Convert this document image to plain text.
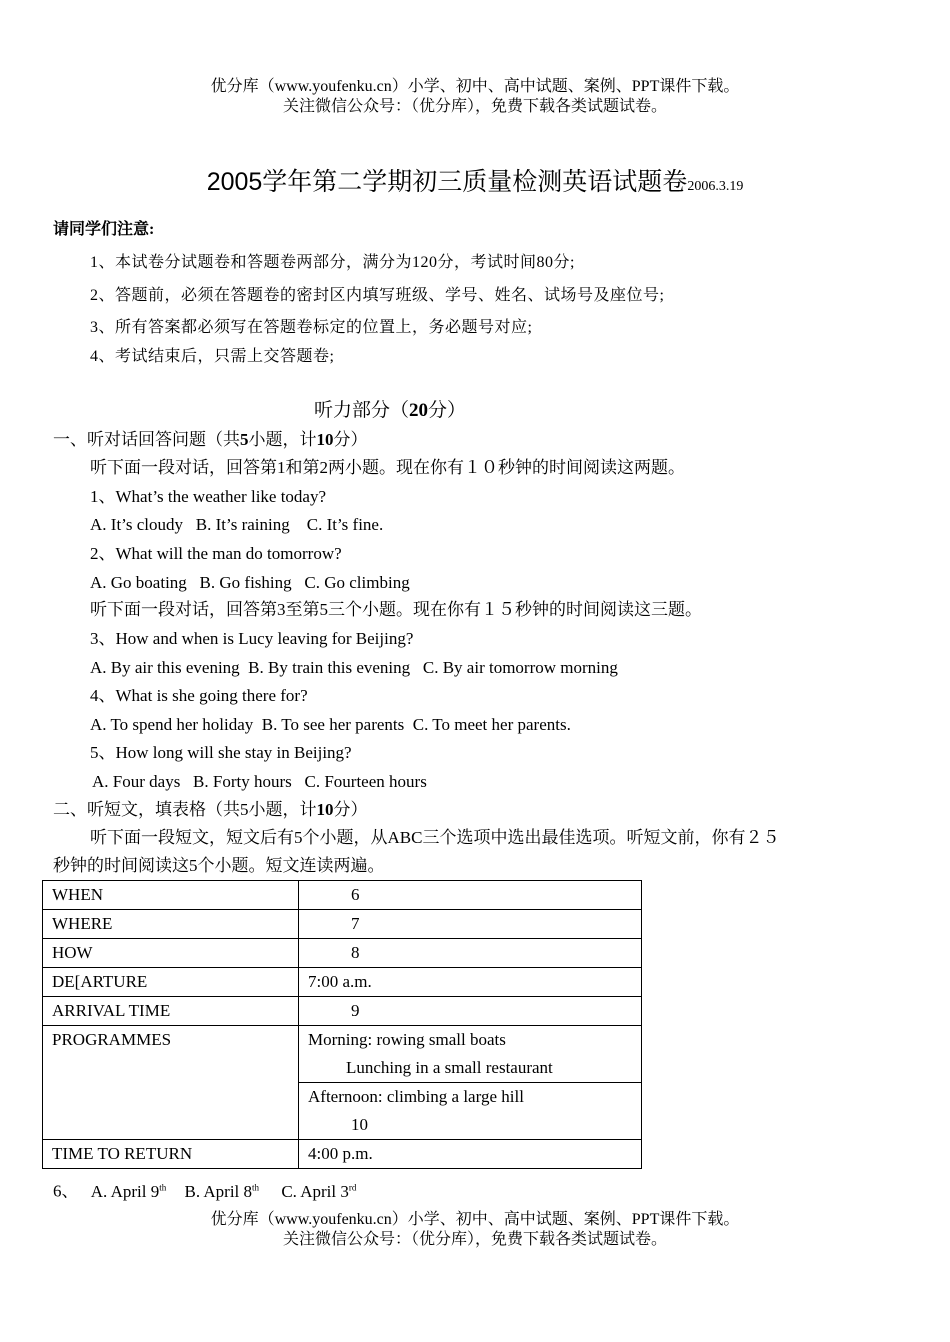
优分库（www.youfenku.cn）小学、初中、高中试题、案例、PPT课件下载。
关注微信公众号：（优分库），免费下载各类试题试卷。
2005学年第二学期初三质量检测英语试题卷2006.3.19
请同学们注意:
1、本试卷分试题卷和答题卷两部分，满分为120分，考试时间80分;
2、答题前，必须在答题卷的密封区内填写班级、学号、姓名、试场号及座位号;
3、所有答案都必须写在答题卷标定的位置上，务必题号对应;
4、考试结束后，只需上交答题卷;
听力部分（20分）
一、听对话回答问题（共5小题，计10分）
听下面一段对话，回答第1和第2两小题。现在你有１０秒钟的时间阅读这两题。
1、What’s the weather like today?
A. It’s cloudy   B. It’s raining    C. It’s fine.
2、What will the man do tomorrow?
A. Go boating   B. Go fishing   C. Go climbing
听下面一段对话，回答第3至第5三个小题。现在你有１５秒钟的时间阅读这三题。
3、How and when is Lucy leaving for Beijing?
A. By air this evening  B. By train this evening   C. By air tomorrow morning
4、What is she going there for?
A. To spend her holiday  B. To see her parents  C. To meet her parents.
5、How long will she stay in Beijing?
A. Four days   B. Forty hours   C. Fourteen hours
二、听短文，填表格（共5小题，计10分）
听下面一段短文，短文后有5个小题，从ABC三个选项中选出最佳选项。听短文前，你有２５
秒钟的时间阅读这5个小题。短文连读两遍。
WHEN	6
WHERE	7
HOW	8
DE[ARTURE	7:00 a.m.
ARRIVAL TIME	9
PROGRAMMES	Morning: rowing small boats
Lunching in a small restaurant

	Afternoon: climbing a large hill
10

TIME TO RETURN	4:00 p.m.
6、 A. April 9th B. April 8th C. April 3rd
优分库（www.youfenku.cn）小学、初中、高中试题、案例、PPT课件下载。
关注微信公众号：（优分库），免费下载各类试题试卷。
